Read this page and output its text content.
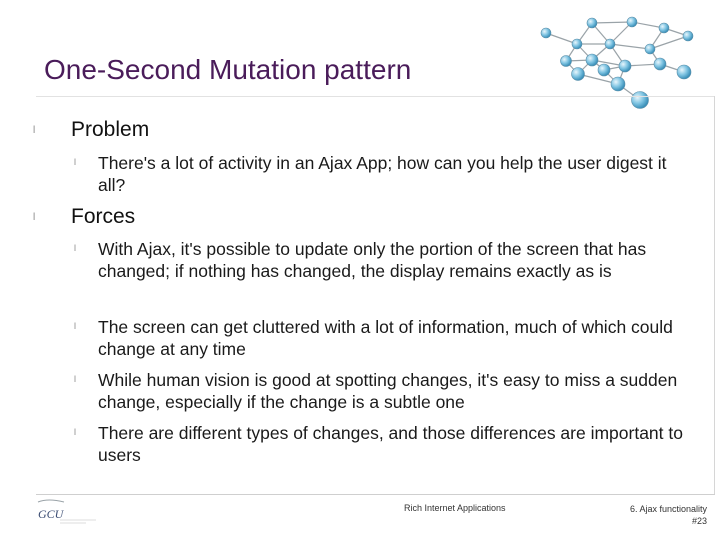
One-Second Mutation pattern
l Problem
l There's a lot of activity in an Ajax App; how can you help the user digest it all?
l Forces
l With Ajax, it's possible to update only the portion of the screen that has changed; if nothing has changed, the display remains exactly as is
l The screen can get cluttered with a lot of information, much of which could change at any time
l While human vision is good at spotting changes, it's easy to miss a sudden change, especially if the change is a subtle one
l There are different types of changes, and those differences are important to users
GCU	Rich Internet Applications	6. Ajax functionality
#23
